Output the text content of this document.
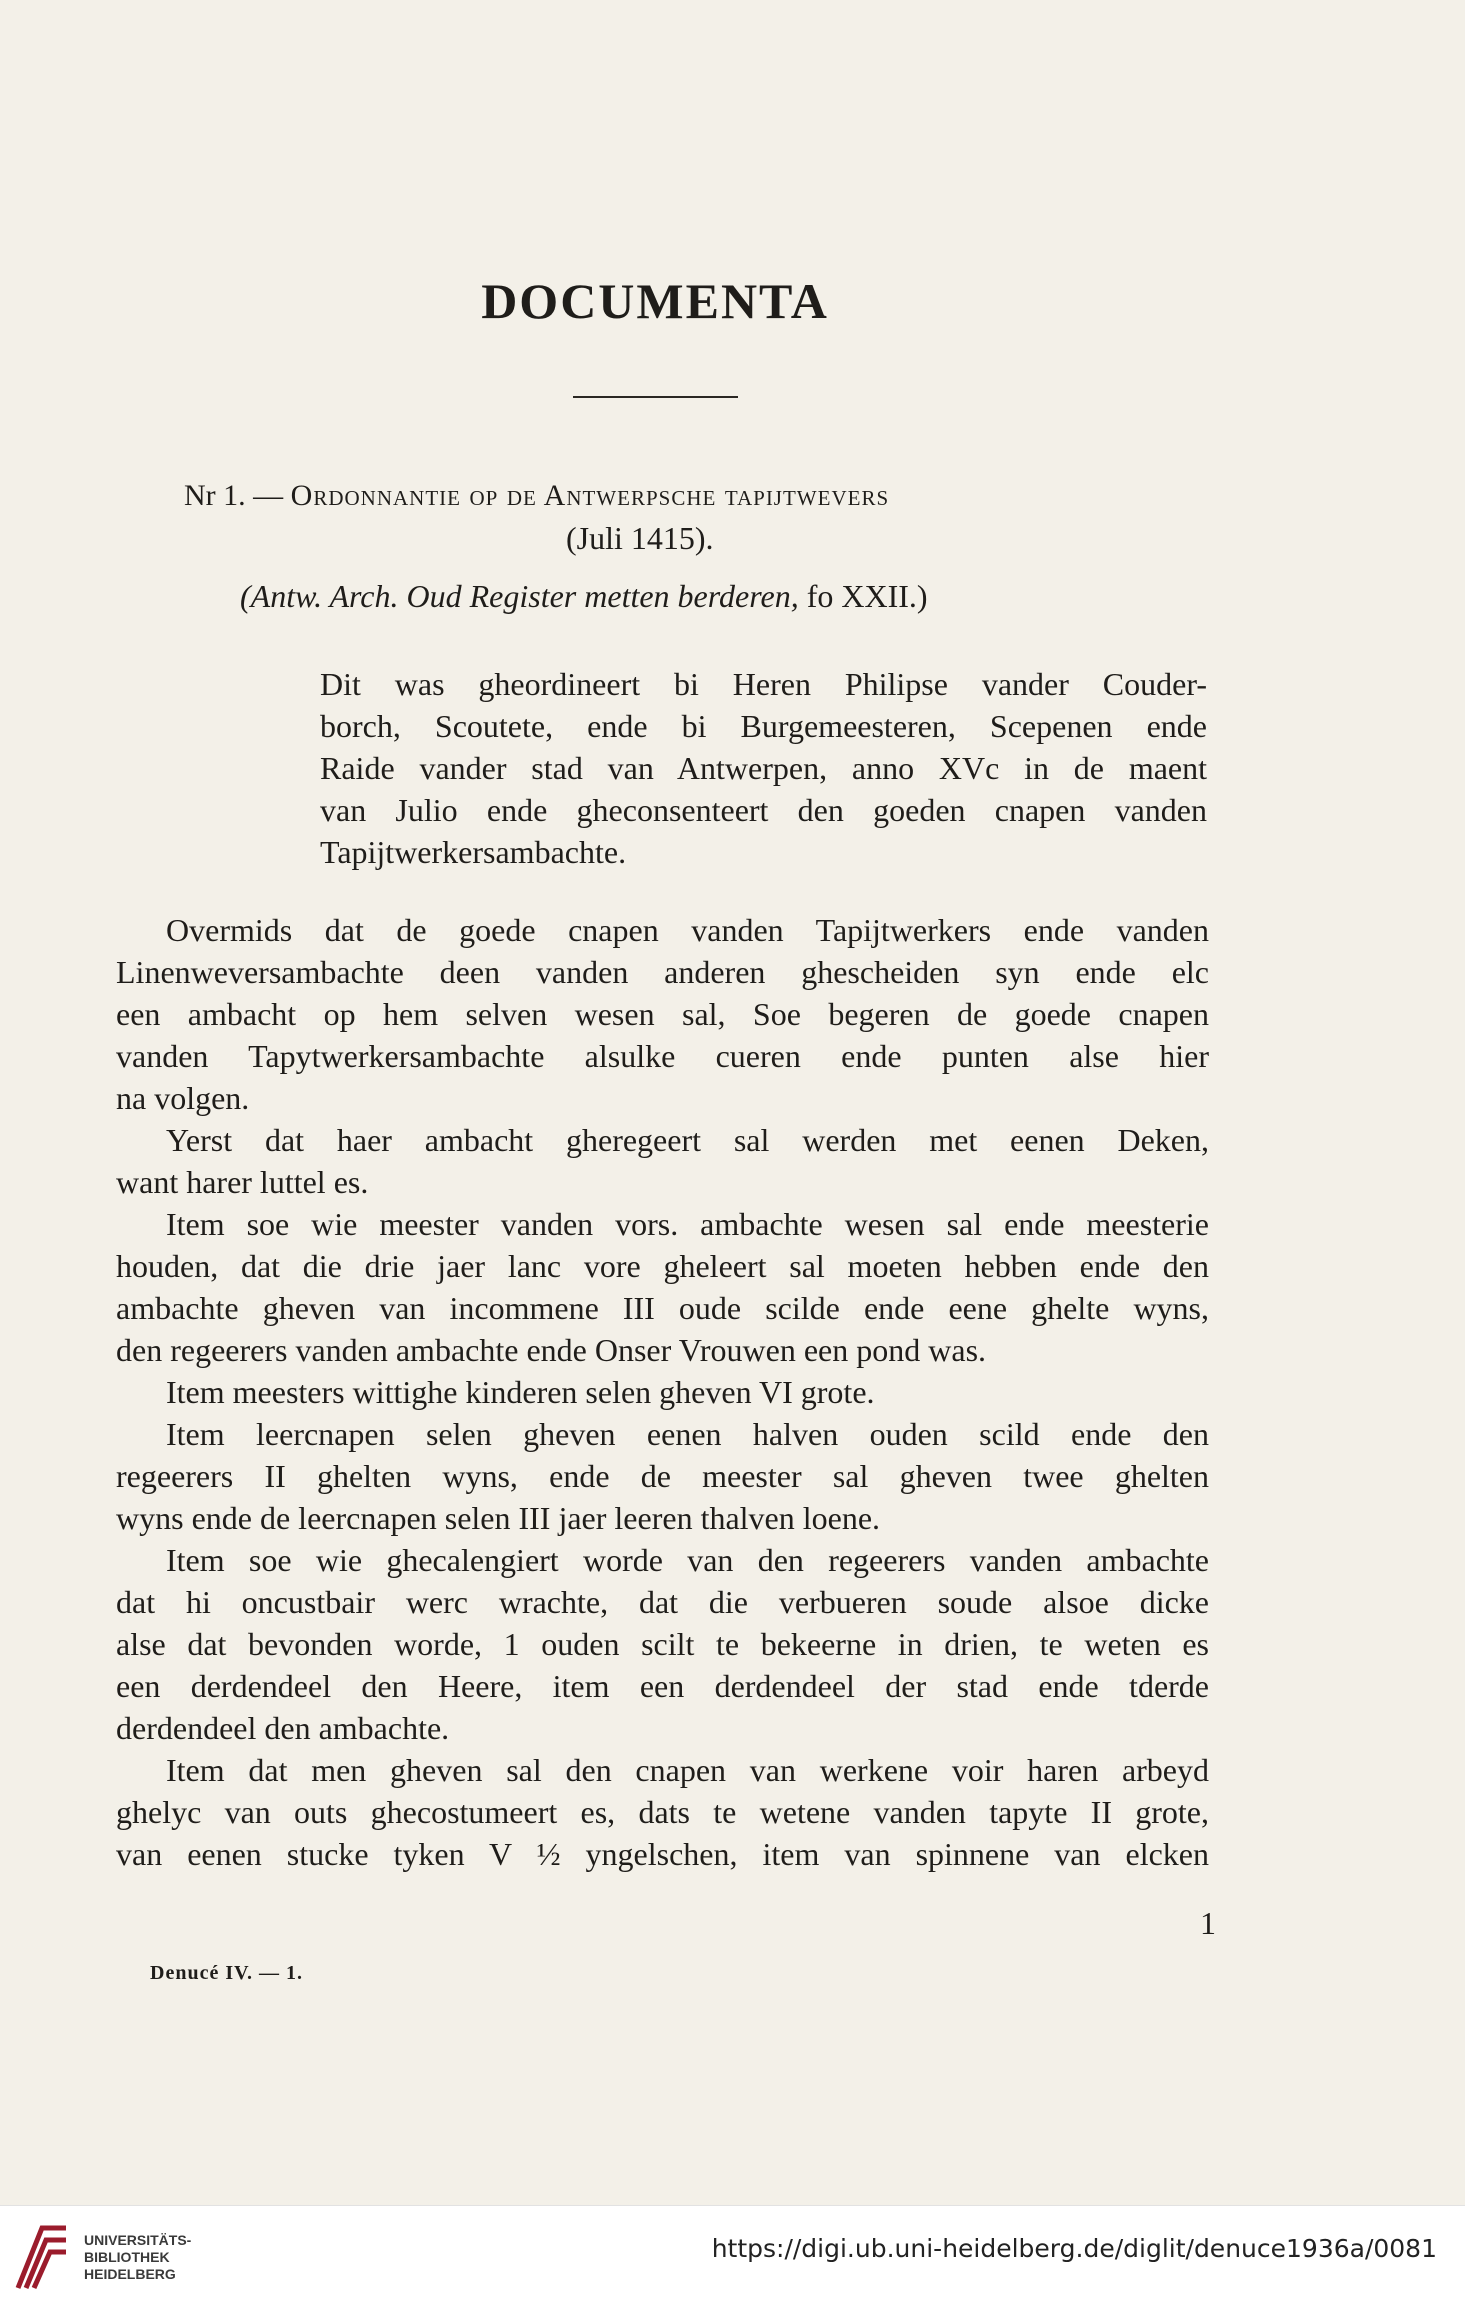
DOCUMENTA
Nr 1. — Ordonnantie op de Antwerpsche tapijtwevers
(Juli 1415).
(Antw. Arch. Oud Register metten berderen, fo XXII.)
Dit was gheordineert bi Heren Philipse vander Couder-
borch, Scoutete, ende bi Burgemeesteren, Scepenen ende
Raide vander stad van Antwerpen, anno XVc in de maent
van Julio ende gheconsenteert den goeden cnapen vanden
Tapijtwerkersambachte.
Overmids dat de goede cnapen vanden Tapijtwerkers ende vanden
Linenweversambachte deen vanden anderen ghescheiden syn ende elc
een ambacht op hem selven wesen sal, Soe begeren de goede cnapen
vanden Tapytwerkersambachte alsulke cueren ende punten alse hier
na volgen.
Yerst dat haer ambacht gheregeert sal werden met eenen Deken,
want harer luttel es.
Item soe wie meester vanden vors. ambachte wesen sal ende meesterie
houden, dat die drie jaer lanc vore gheleert sal moeten hebben ende den
ambachte gheven van incommene III oude scilde ende eene ghelte wyns,
den regeerers vanden ambachte ende Onser Vrouwen een pond was.
Item meesters wittighe kinderen selen gheven VI grote.
Item leercnapen selen gheven eenen halven ouden scild ende den
regeerers II ghelten wyns, ende de meester sal gheven twee ghelten
wyns ende de leercnapen selen III jaer leeren thalven loene.
Item soe wie ghecalengiert worde van den regeerers vanden ambachte
dat hi oncustbair werc wrachte, dat die verbueren soude alsoe dicke
alse dat bevonden worde, 1 ouden scilt te bekeerne in drien, te weten es
een derdendeel den Heere, item een derdendeel der stad ende tderde
derdendeel den ambachte.
Item dat men gheven sal den cnapen van werkene voir haren arbeyd
ghelyc van outs ghecostumeert es, dats te wetene vanden tapyte II grote,
van eenen stucke tyken V ½ yngelschen, item van spinnene van elcken
1
Denucé IV. — 1.
UNIVERSITÄTS-
BIBLIOTHEK
HEIDELBERG
https://digi.ub.uni-heidelberg.de/diglit/denuce1936a/0081
